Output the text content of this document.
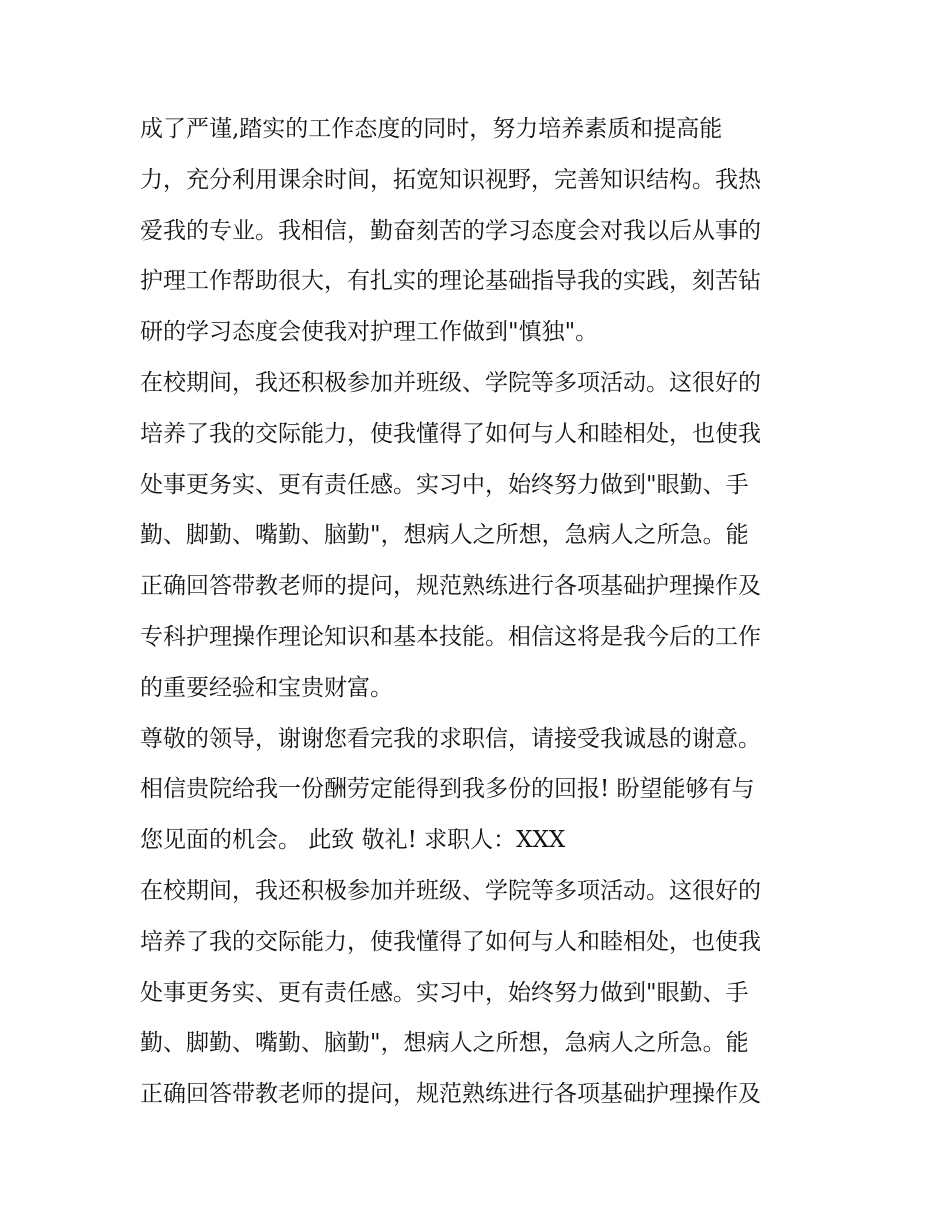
成了严谨,踏实的工作态度的同时，努力培养素质和提高能
力，充分利用课余时间，拓宽知识视野，完善知识结构。我热
爱我的专业。我相信，勤奋刻苦的学习态度会对我以后从事的
护理工作帮助很大，有扎实的理论基础指导我的实践，刻苦钻
研的学习态度会使我对护理工作做到"慎独"。
在校期间，我还积极参加并班级、学院等多项活动。这很好的
培养了我的交际能力，使我懂得了如何与人和睦相处，也使我
处事更务实、更有责任感。实习中，始终努力做到"眼勤、手
勤、脚勤、嘴勤、脑勤"，想病人之所想，急病人之所急。能
正确回答带教老师的提问，规范熟练进行各项基础护理操作及
专科护理操作理论知识和基本技能。相信这将是我今后的工作
的重要经验和宝贵财富。
尊敬的领导，谢谢您看完我的求职信，请接受我诚恳的谢意。
相信贵院给我一份酬劳定能得到我多份的回报! 盼望能够有与
您见面的机会。 此致 敬礼! 求职人：XXX
在校期间，我还积极参加并班级、学院等多项活动。这很好的
培养了我的交际能力，使我懂得了如何与人和睦相处，也使我
处事更务实、更有责任感。实习中，始终努力做到"眼勤、手
勤、脚勤、嘴勤、脑勤"，想病人之所想，急病人之所急。能
正确回答带教老师的提问，规范熟练进行各项基础护理操作及
